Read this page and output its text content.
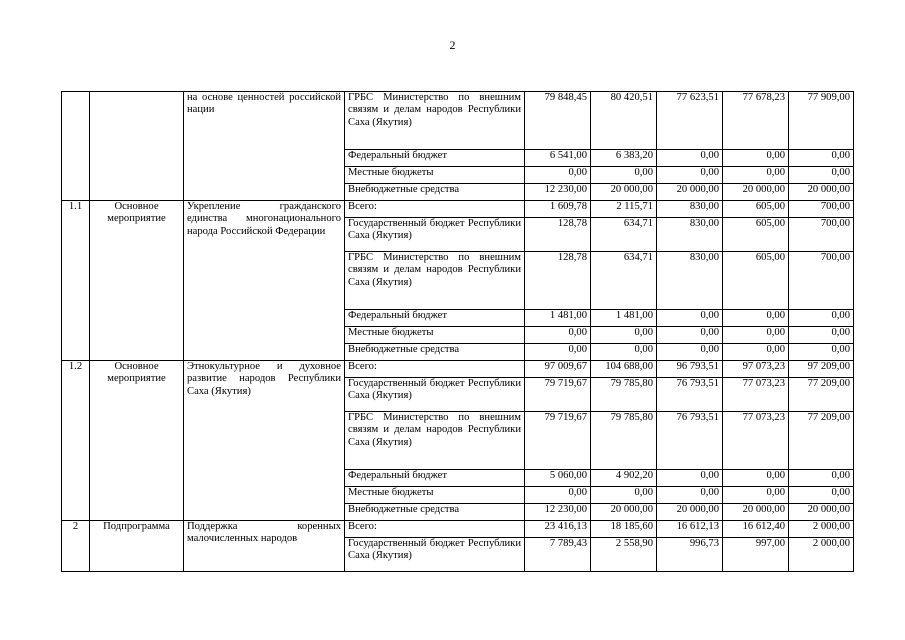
2
		на основе ценностей российской нации	ГРБС Министерство по внешним связям и делам народов Республики Саха (Якутия)	79 848,45	80 420,51	77 623,51	77 678,23	77 909,00
			Федеральный бюджет	6 541,00	6 383,20	0,00	0,00	0,00
			Местные бюджеты	0,00	0,00	0,00	0,00	0,00
			Внебюджетные средства	12 230,00	20 000,00	20 000,00	20 000,00	20 000,00
1.1	Основное мероприятие	Укрепление гражданского единства многонационального народа Российской Федерации	Всего:	1 609,78	2 115,71	830,00	605,00	700,00
			Государственный бюджет Республики Саха (Якутия)	128,78	634,71	830,00	605,00	700,00
			ГРБС Министерство по внешним связям и делам народов Республики Саха (Якутия)	128,78	634,71	830,00	605,00	700,00
			Федеральный бюджет	1 481,00	1 481,00	0,00	0,00	0,00
			Местные бюджеты	0,00	0,00	0,00	0,00	0,00
			Внебюджетные средства	0,00	0,00	0,00	0,00	0,00
1.2	Основное мероприятие	Этнокультурное и духовное развитие народов Республики Саха (Якутия)	Всего:	97 009,67	104 688,00	96 793,51	97 073,23	97 209,00
			Государственный бюджет Республики Саха (Якутия)	79 719,67	79 785,80	76 793,51	77 073,23	77 209,00
			ГРБС Министерство по внешним связям и делам народов Республики Саха (Якутия)	79 719,67	79 785,80	76 793,51	77 073,23	77 209,00
			Федеральный бюджет	5 060,00	4 902,20	0,00	0,00	0,00
			Местные бюджеты	0,00	0,00	0,00	0,00	0,00
			Внебюджетные средства	12 230,00	20 000,00	20 000,00	20 000,00	20 000,00
2	Подпрограмма	Поддержка коренных малочисленных народов	Всего:	23 416,13	18 185,60	16 612,13	16 612,40	2 000,00
			Государственный бюджет Республики Саха (Якутия)	7 789,43	2 558,90	996,73	997,00	2 000,00
